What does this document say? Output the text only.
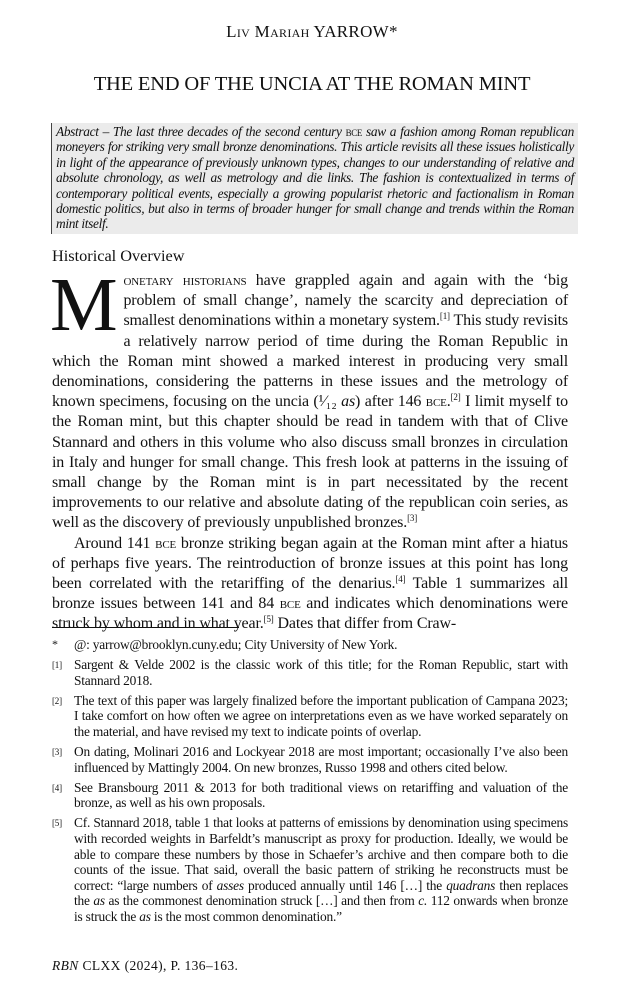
Liv Mariah YARROW*
THE END OF THE UNCIA AT THE ROMAN MINT
Abstract – The last three decades of the second century bce saw a fashion among Roman republican moneyers for striking very small bronze denominations. This article revisits all these issues holistically in light of the appearance of previously unknown types, changes to our understanding of relative and absolute chronology, as well as metrology and die links. The fashion is contextualized in terms of contemporary political events, especially a growing popularist rhetoric and factionalism in Roman domestic politics, but also in terms of broader hunger for small change and trends within the Roman mint itself.
Historical Overview

Monetary historians have grappled again and again with the ‘big problem of small change’, namely the scarcity and depreciation of smallest denominations within a monetary system.[1] This study revisits a relatively narrow period of time during the Roman Republic in which the Roman mint showed a marked interest in producing very small denominations, considering the patterns in these issues and the metrology of known specimens, focusing on the uncia (¹⁄₁₂ as) after 146 bce.[2] I limit myself to the Roman mint, but this chapter should be read in tandem with that of Clive Stannard and others in this volume who also discuss small bronzes in circulation in Italy and hunger for small change. This fresh look at patterns in the issuing of small change by the Roman mint is in part necessitated by the recent improvements to our relative and absolute dating of the republican coin series, as well as the discovery of previously unpublished bronzes.[3]

Around 141 bce bronze striking began again at the Roman mint after a hiatus of perhaps five years. The reintroduction of bronze issues at this point has long been correlated with the retariffing of the denarius.[4] Table 1 summarizes all bronze issues between 141 and 84 bce and indicates which denominations were struck by whom and in what year.[5] Dates that differ from Craw-

*	@: yarrow@brooklyn.cuny.edu; City University of New York.
[1] Sargent & Velde 2002 is the classic work of this title; for the Roman Republic, start with Stannard 2018.
[2] The text of this paper was largely finalized before the important publication of Campana 2023; I take comfort on how often we agree on interpretations even as we have worked separately on the material, and have revised my text to indicate points of overlap.
[3] On dating, Molinari 2016 and Lockyear 2018 are most important; occasionally I’ve also been influenced by Mattingly 2004. On new bronzes, Russo 1998 and others cited below.
[4] See Bransbourg 2011 & 2013 for both traditional views on retariffing and valuation of the bronze, as well as his own proposals.
[5] Cf. Stannard 2018, table 1 that looks at patterns of emissions by denomination using specimens with recorded weights in Barfeldt’s manuscript as proxy for production. Ideally, we would be able to compare these numbers by those in Schaefer’s archive and then compare both to die counts of the issue. That said, overall the basic pattern of striking he reconstructs must be correct: “large numbers of asses produced annually until 146 […] the quadrans then replaces the as as the commonest denomination struck […] and then from c. 112 onwards when bronze is struck the as is the most common denomination.”
RBN CLXX (2024), P. 136–163.
